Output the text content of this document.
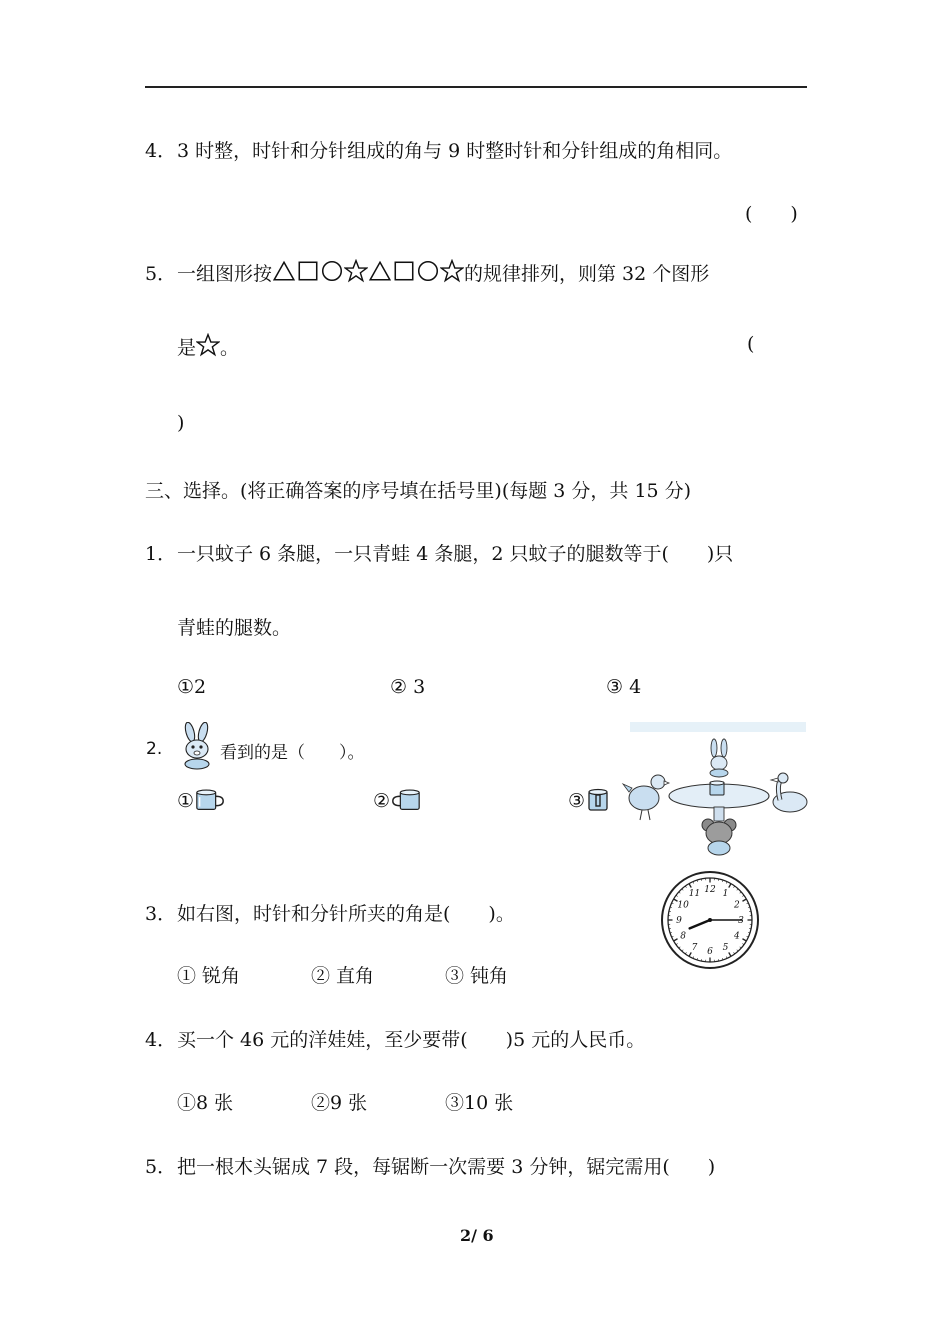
4． 3 时整，时针和分针组成的角与 9 时整时针和分针组成的角相同。
(　　)
5． 一组图形按	的规律排列，则第 32 个图形
是 。	(
)
三、选择。(将正确答案的序号填在括号里)(每题 3 分，共 15 分)
1． 一只蚊子 6 条腿，一只青蛙 4 条腿，2 只蚊子的腿数等于(　　)只
青蛙的腿数。
①2	② 3	③ 4
2.	看到的是（　　）。
①	②	③
3． 如右图，时针和分针所夹的角是(　　)。
① 锐角	② 直角	③ 钝角
12 1
2
3
4
5
6
7
8
9
10
11
4． 买一个 46 元的洋娃娃，至少要带(　　)5 元的人民币。
①8 张	②9 张	③10 张
5． 把一根木头锯成 7 段，每锯断一次需要 3 分钟，锯完需用(　　)
2/ 6
